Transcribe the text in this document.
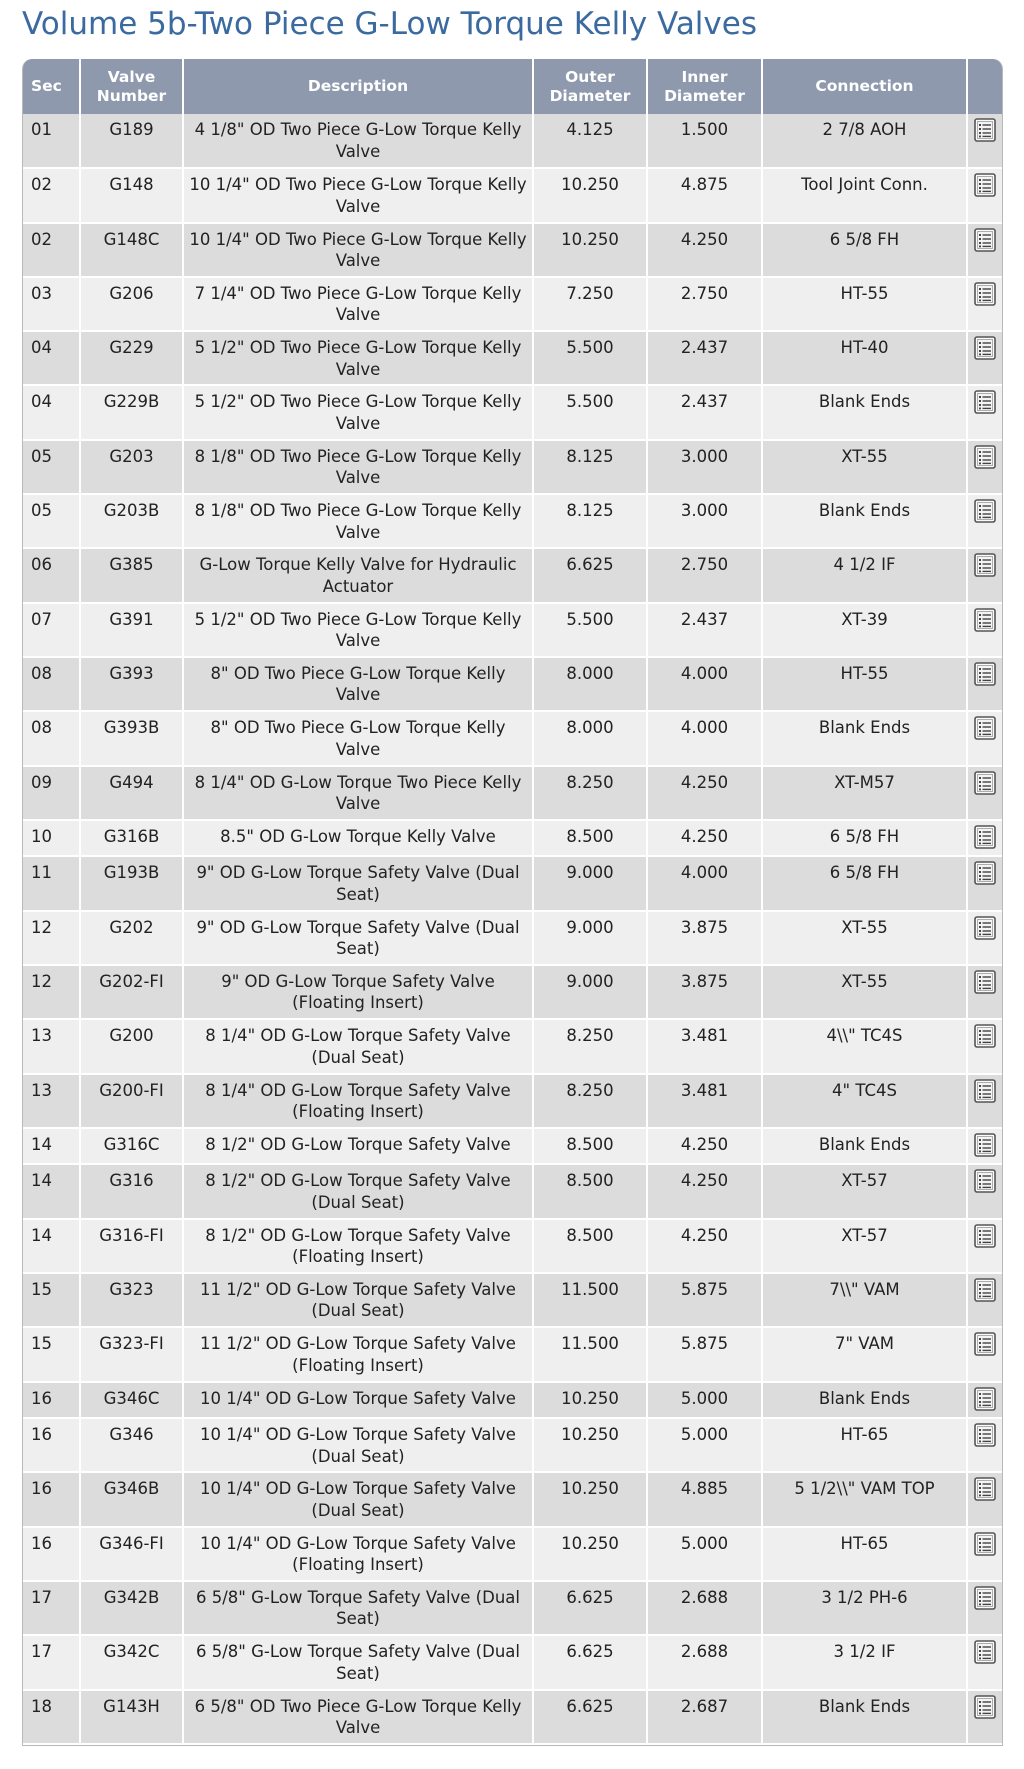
Volume 5b-Two Piece G-Low Torque Kelly Valves
Sec	Valve Number	Description	Outer Diameter	Inner Diameter	Connection	
01	G189	4 1/8" OD Two Piece G-Low Torque Kelly Valve	4.125	1.500	2 7/8 AOH	
02	G148	10 1/4" OD Two Piece G-Low Torque Kelly Valve	10.250	4.875	Tool Joint Conn.	
02	G148C	10 1/4" OD Two Piece G-Low Torque Kelly Valve	10.250	4.250	6 5/8 FH	
03	G206	7 1/4" OD Two Piece G-Low Torque Kelly Valve	7.250	2.750	HT-55	
04	G229	5 1/2" OD Two Piece G-Low Torque Kelly Valve	5.500	2.437	HT-40	
04	G229B	5 1/2" OD Two Piece G-Low Torque Kelly Valve	5.500	2.437	Blank Ends	
05	G203	8 1/8" OD Two Piece G-Low Torque Kelly Valve	8.125	3.000	XT-55	
05	G203B	8 1/8" OD Two Piece G-Low Torque Kelly Valve	8.125	3.000	Blank Ends	
06	G385	G-Low Torque Kelly Valve for Hydraulic Actuator	6.625	2.750	4 1/2 IF	
07	G391	5 1/2" OD Two Piece G-Low Torque Kelly Valve	5.500	2.437	XT-39	
08	G393	8" OD Two Piece G-Low Torque Kelly Valve	8.000	4.000	HT-55	
08	G393B	8" OD Two Piece G-Low Torque Kelly Valve	8.000	4.000	Blank Ends	
09	G494	8 1/4" OD G-Low Torque Two Piece Kelly Valve	8.250	4.250	XT-M57	
10	G316B	8.5" OD G-Low Torque Kelly Valve	8.500	4.250	6 5/8 FH	
11	G193B	9" OD G-Low Torque Safety Valve (Dual Seat)	9.000	4.000	6 5/8 FH	
12	G202	9" OD G-Low Torque Safety Valve (Dual Seat)	9.000	3.875	XT-55	
12	G202-FI	9" OD G-Low Torque Safety Valve (Floating Insert)	9.000	3.875	XT-55	
13	G200	8 1/4" OD G-Low Torque Safety Valve (Dual Seat)	8.250	3.481	4\\" TC4S	
13	G200-FI	8 1/4" OD G-Low Torque Safety Valve (Floating Insert)	8.250	3.481	4" TC4S	
14	G316C	8 1/2" OD G-Low Torque Safety Valve	8.500	4.250	Blank Ends	
14	G316	8 1/2" OD G-Low Torque Safety Valve (Dual Seat)	8.500	4.250	XT-57	
14	G316-FI	8 1/2" OD G-Low Torque Safety Valve (Floating Insert)	8.500	4.250	XT-57	
15	G323	11 1/2" OD G-Low Torque Safety Valve (Dual Seat)	11.500	5.875	7\\" VAM	
15	G323-FI	11 1/2" OD G-Low Torque Safety Valve (Floating Insert)	11.500	5.875	7" VAM	
16	G346C	10 1/4" OD G-Low Torque Safety Valve	10.250	5.000	Blank Ends	
16	G346	10 1/4" OD G-Low Torque Safety Valve (Dual Seat)	10.250	5.000	HT-65	
16	G346B	10 1/4" OD G-Low Torque Safety Valve (Dual Seat)	10.250	4.885	5 1/2\\" VAM TOP	
16	G346-FI	10 1/4" OD G-Low Torque Safety Valve (Floating Insert)	10.250	5.000	HT-65	
17	G342B	6 5/8" G-Low Torque Safety Valve (Dual Seat)	6.625	2.688	3 1/2 PH-6	
17	G342C	6 5/8" G-Low Torque Safety Valve (Dual Seat)	6.625	2.688	3 1/2 IF	
18	G143H	6 5/8" OD Two Piece G-Low Torque Kelly Valve	6.625	2.687	Blank Ends	
